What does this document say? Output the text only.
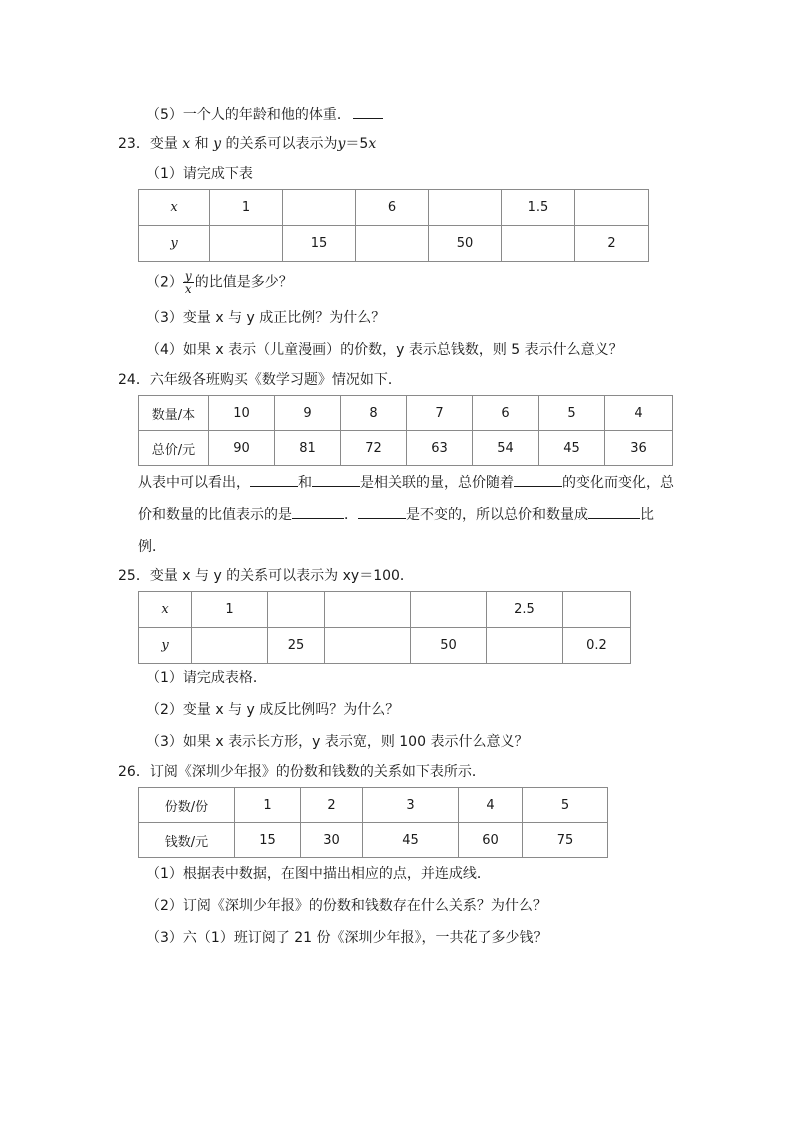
（5）一个人的年龄和他的体重．
23．变量 x 和 y 的关系可以表示为y＝5x
（1）请完成下表
x	1		6		1.5	
y		15		50		2
$(2) \frac{y}{x}$ 的比值是多少？
（3）变量 x 与 y 成正比例？为什么？
（4）如果 x 表示（儿童漫画）的价数，y 表示总钱数，则 5 表示什么意义？
24．六年级各班购买《数学习题》情况如下．
数量/本	10	9	8	7	6	5	4
总价/元	90	81	72	63	54	45	36
从表中可以看出，	和	是相关联的量，总价随着	的变化而变化，总价和数量的比值表示的是	．	是不变的，所以总价和数量成	比例．
25．变量 x 与 y 的关系可以表示为 xy＝100．
x	1				2.5	
y		25		50		0.2
（1）请完成表格．
（2）变量 x 与 y 成反比例吗？为什么？
（3）如果 x 表示长方形，y 表示宽，则 100 表示什么意义？
26．订阅《深圳少年报》的份数和钱数的关系如下表所示．
份数/份	1	2	3	4	5
钱数/元	15	30	45	60	75
（1）根据表中数据，在图中描出相应的点，并连成线．
（2）订阅《深圳少年报》的份数和钱数存在什么关系？为什么？
（3）六（1）班订阅了 21 份《深圳少年报》，一共花了多少钱？
